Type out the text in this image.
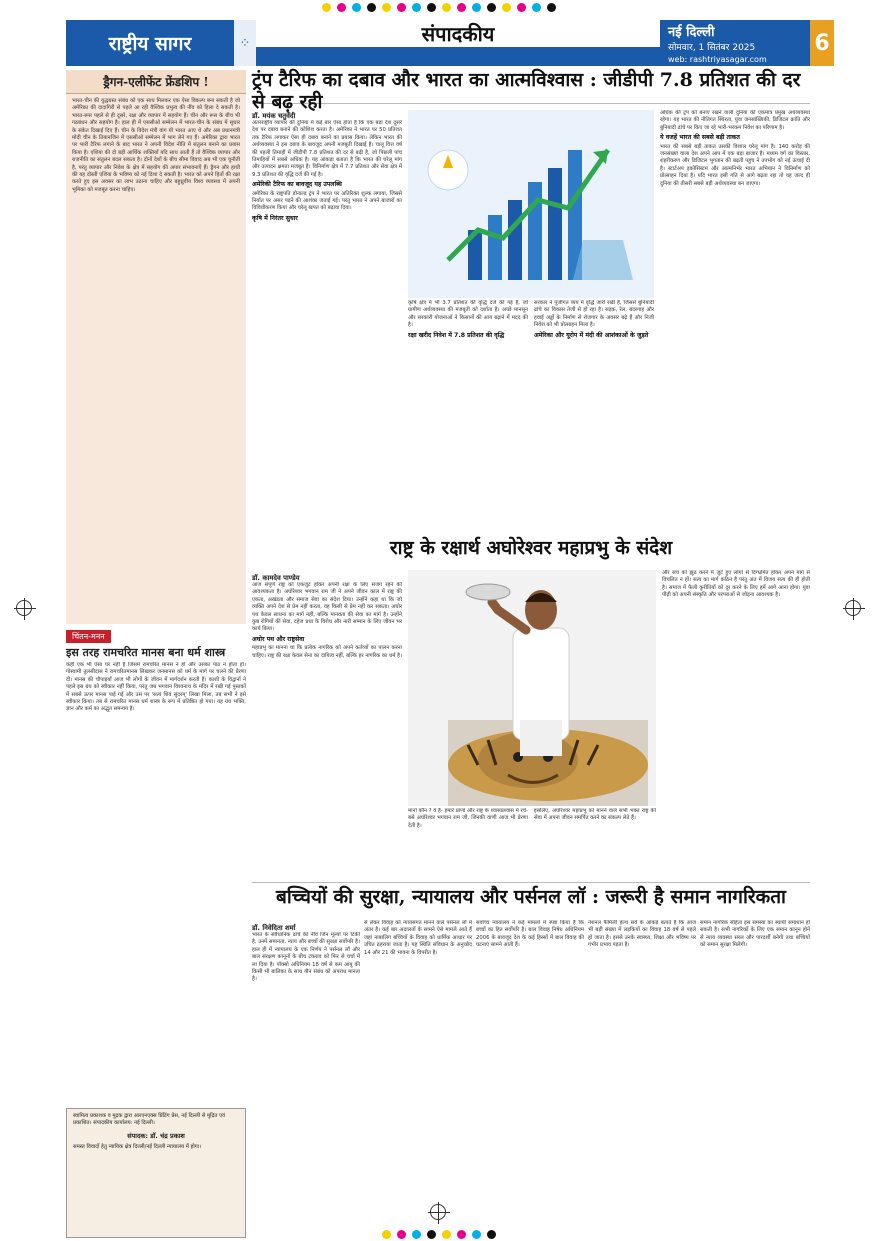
राष्ट्रीय सागर	⁘	संपादकीय	नई दिल्ली
सोमवार, 1 सितंबर 2025
web: rashtriyasagar.com
6
ड्रैगन-एलीफेंट फ्रेंडशिप !
भारत-चीन की युद्धग्रस्त संबंध को एक साथ मिलकर एक ऐसा विकल्प बना सकती है जो अमेरिका की दादागिरी से पहले आ रही वैश्विक प्रभुत्व की नींव को हिला दे सकती है। भारत-रूस पहले से ही दूसरे, रक्षा और व्यापार में सहयोग हैं। चीन और रूस के बीच भी गठबंधन और सहयोग है। हाल ही में एससीओ सम्मेलन में भारत-चीन के संबंध में सुधार के संकेत दिखाई दिए हैं। चीन के विदेश मंत्री वांग यी भारत आए थे और अब प्रधानमंत्री मोदी चीन के तियानजिन में एससीओ सम्मेलन में भाग लेने गए हैं। अमेरिका द्वारा भारत पर भारी टैरिफ लगाने के बाद भारत ने अपनी विदेश नीति में संतुलन बनाने का प्रयास किया है। एशिया की दो बड़ी आर्थिक शक्तियाँ यदि साथ आती हैं तो वैश्विक व्यापार और राजनीति का संतुलन बदल सकता है। दोनों देशों के बीच सीमा विवाद अब भी एक चुनौती है, परंतु व्यापार और निवेश के क्षेत्र में सहयोग की अपार संभावनाएँ हैं। ड्रैगन और हाथी की यह दोस्ती एशिया के भविष्य को नई दिशा दे सकती है। भारत को अपने हितों की रक्षा करते हुए इस अवसर का लाभ उठाना चाहिए और बहुध्रुवीय विश्व व्यवस्था में अपनी भूमिका को मजबूत करना चाहिए।
चिंतन-मनन
इस तरह रामचरित मानस बना धर्म शास्त्र
कहीं एक भी ऐसा घर नहीं है जिसमें रामचरित मानस न हो और उसका पाठ न होता हो। गोस्वामी तुलसीदास ने रामचरितमानस लिखकर जनमानस को धर्म के मार्ग पर चलने की प्रेरणा दी। मानस की चौपाइयाँ आज भी लोगों के जीवन में मार्गदर्शन करती हैं। काशी के विद्वानों ने पहले इस ग्रंथ को स्वीकार नहीं किया, परंतु जब भगवान विश्वनाथ के मंदिर में रखी गई पुस्तकों में सबसे ऊपर मानस पाई गई और उस पर 'सत्यं शिवं सुंदरम्' लिखा मिला, तब सभी ने इसे स्वीकार किया। तब से रामचरित मानस धर्म शास्त्र के रूप में प्रतिष्ठित हो गया। यह ग्रंथ भक्ति, ज्ञान और कर्म का अद्भुत समन्वय है।
स्वामित्व प्रकाशक व मुद्रक द्वारा आरएनएक्स प्रिंटिंग प्रेस, नई दिल्ली से मुद्रित एवं प्रकाशित। संपादकीय कार्यालय: नई दिल्ली।
संपादक: डॉ. चंद्र प्रकाश
समस्त विवादों हेतु न्यायिक क्षेत्र दिल्ली/नई दिल्ली न्यायालय में होगा।
ट्रंप टैरिफ का दबाव और भारत का आत्मविश्वास : जीडीपी 7.8 प्रतिशत की दर से बढ़ रही
डॉ. मयंक चतुर्वेदी
अंतरराष्ट्रीय व्यापार की दुनिया में कई बार ऐसा होता है कि एक बड़ा देश दूसरे देश पर दबाव बनाने की कोशिश करता है। अमेरिका ने भारत पर 50 प्रतिशत तक टैरिफ लगाकर ऐसा ही दबाव बनाने का प्रयास किया। लेकिन भारत की अर्थव्यवस्था ने इस दबाव के बावजूद अपनी मजबूती दिखाई है। चालू वित्त वर्ष की पहली तिमाही में जीडीपी 7.8 प्रतिशत की दर से बढ़ी है, जो पिछली पांच तिमाहियों में सबसे अधिक है। यह आंकड़ा बताता है कि भारत की घरेलू मांग और उत्पादन क्षमता मजबूत है। विनिर्माण क्षेत्र में 7.7 प्रतिशत और सेवा क्षेत्र में 9.3 प्रतिशत की वृद्धि दर्ज की गई है।
अमेरिकी टैरिफ का बावजूद यह उपलब्धि
अमेरिका के राष्ट्रपति डोनाल्ड ट्रंप ने भारत पर अतिरिक्त शुल्क लगाया, जिससे निर्यात पर असर पड़ने की आशंका जताई गई। परंतु भारत ने अपने बाजारों का विविधीकरण किया और घरेलू खपत को बढ़ावा दिया।
कृषि में निरंतर सुधार
कृषि क्षेत्र में भी 3.7 प्रतिशत की वृद्धि दर्ज की गई है, जो ग्रामीण अर्थव्यवस्था की मजबूती को दर्शाता है। अच्छे मानसून और सरकारी योजनाओं ने किसानों की आय बढ़ाने में मदद की है।
रक्षा खरीद निवेश में 7.8 प्रतिशत की वृद्धि
सरकार ने पूंजीगत व्यय में वृद्धि जारी रखी है, जिससे बुनियादी ढांचे का विकास तेजी से हो रहा है। सड़क, रेल, बंदरगाह और हवाई अड्डों के निर्माण से रोजगार के अवसर बढ़े हैं और निजी निवेश को भी प्रोत्साहन मिला है।
अमेरिका और यूरोप में मंदी की आशंकाओं के जुड़ते
अधिक की ट्रंप को बनाए रखने वाली दुनिया की एकमात्र प्रमुख अर्थव्यवस्था रहेगा। यह भारत की नीतिगत स्थिरता, युवा जनसांख्यिकी, डिजिटल क्रांति और बुनियादी ढांचे पर किए जा रहे भारी-भरकम निवेश का परिणाम है।
ये वजहें भारत की सबसे बड़ी ताकत
भारत की सबसे बड़ी ताकत उसकी विशाल घरेलू मांग है। 140 करोड़ की जनसंख्या वाला देश अपने आप में एक बड़ा बाजार है। मध्यम वर्ग का विस्तार, शहरीकरण और डिजिटल भुगतान की बढ़ती पहुंच ने उपभोग को नई ऊंचाई दी है। स्टार्टअप इकोसिस्टम और आत्मनिर्भर भारत अभियान ने विनिर्माण को प्रोत्साहन दिया है। यदि भारत इसी गति से आगे बढ़ता रहा तो वह जल्द ही दुनिया की तीसरी सबसे बड़ी अर्थव्यवस्था बन जाएगा।
राष्ट्र के रक्षार्थ अघोरेश्वर महाप्रभु के संदेश
डॉ. कामदेव पाण्डेय
आज संपूर्ण राष्ट्र को एकजुट होकर अपनी रक्षा के लिए सजग रहने की आवश्यकता है। अघोरेश्वर भगवान राम जी ने अपने जीवन काल में राष्ट्र की एकता, अखंडता और समाज सेवा का संदेश दिया। उन्होंने कहा था कि जो व्यक्ति अपने देश से प्रेम नहीं करता, वह किसी से प्रेम नहीं कर सकता। अघोर पथ केवल साधना का मार्ग नहीं, बल्कि मानवता की सेवा का मार्ग है। उन्होंने कुष्ठ रोगियों की सेवा, दहेज प्रथा के विरोध और नारी सम्मान के लिए जीवन भर कार्य किया।
अघोर पथ और राष्ट्रसेवा
महाप्रभु का मानना था कि प्रत्येक नागरिक को अपने कर्तव्यों का पालन करना चाहिए। राष्ट्र की रक्षा केवल सेना का दायित्व नहीं, बल्कि हर नागरिक का धर्म है।
मानो कौन ? वे हैं- हमारे प्राणों और राष्ट्र के श्वासप्रश्वास में रचे-बसे अघोरेश्वर भगवान राम जी, जिनकी वाणी आज भी प्रेरणा देती है।
इसलिए, अघोरेश्वर महाप्रभु को मानने वाले सभी भक्त राष्ट्र की सेवा में अपना जीवन समर्पित करने का संकल्प लेते हैं।
और सच को झूठ करने में जुटे हुए लोगों से दिग्भ्रमित होकर अपने मार्ग से विचलित न हों। सत्य का मार्ग कठिन है परंतु अंत में विजय सत्य की ही होती है। समाज में फैली कुरीतियों को दूर करने के लिए हमें आगे आना होगा। युवा पीढ़ी को अपनी संस्कृति और परंपराओं से जोड़ना आवश्यक है।
बच्चियों की सुरक्षा, न्यायालय और पर्सनल लॉ : जरूरी है समान नागरिकता
डॉ. निवेदिता शर्मा
भारत के संवैधानिक ढांचे की नींव जिन मूल्यों पर टिकी है, उनमें समानता, न्याय और बच्चों की सुरक्षा सर्वोपरि है। हाल ही में न्यायालय के एक निर्णय ने पर्सनल लॉ और बाल संरक्षण कानूनों के बीच टकराव को फिर से चर्चा में ला दिया है। पॉक्सो अधिनियम 18 वर्ष से कम आयु की किसी भी बालिका के साथ यौन संबंध को अपराध मानता है।
से लेकर विवाह को न्यायसंगत मानने वाले पर्सनल लॉ में अंतर है। कई बार अदालतों के सामने ऐसे मामले आते हैं जहां नाबालिग बच्चियों के विवाह को धार्मिक आधार पर उचित ठहराया जाता है। यह स्थिति संविधान के अनुच्छेद 14 और 21 की भावना के विपरीत है।
सर्वोच्च न्यायालय ने कई मामलों में स्पष्ट किया है कि बच्चों का हित सर्वोपरि है। बाल विवाह निषेध अधिनियम 2006 के बावजूद देश के कई हिस्सों में बाल विवाह की घटनाएं सामने आती हैं।
नेशनल फैमिली हेल्थ सर्वे के आंकड़े बताते हैं कि आज भी बड़ी संख्या में लड़कियों का विवाह 18 वर्ष से पहले हो जाता है। इससे उनके स्वास्थ्य, शिक्षा और भविष्य पर गंभीर प्रभाव पड़ता है।
समान नागरिक संहिता इस समस्या का स्थायी समाधान हो सकती है। सभी नागरिकों के लिए एक समान कानून होने से न्याय व्यवस्था सरल और पारदर्शी बनेगी तथा बच्चियों को समान सुरक्षा मिलेगी।
